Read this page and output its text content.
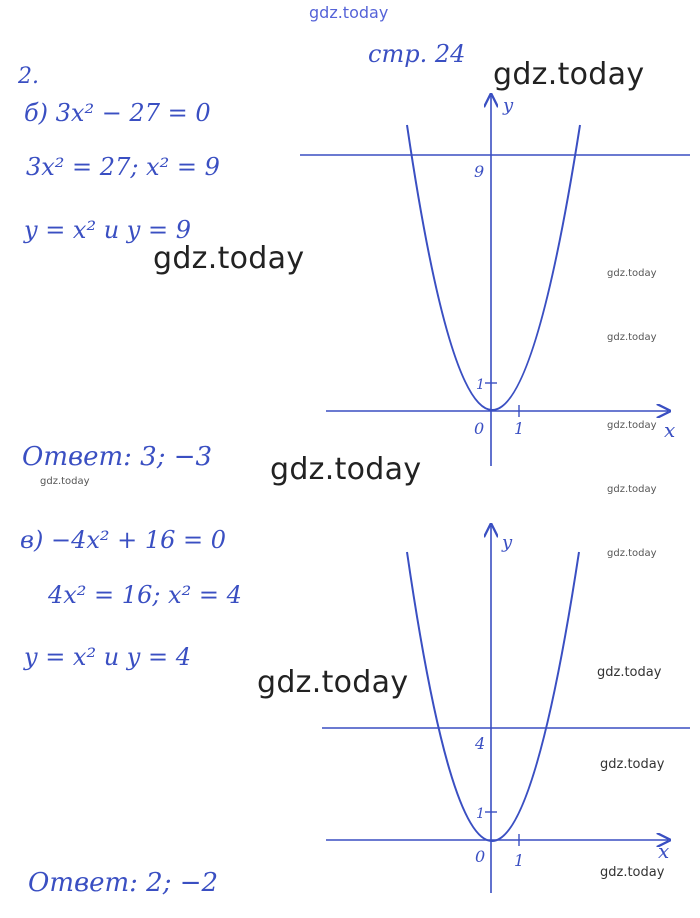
gdz.today
стр. 24
2.
б) 3x² − 27 = 0
3x² = 27; x² = 9
y = x² и y = 9
Ответ: 3; −3
в) −4x² + 16 = 0
4x² = 16; x² = 4
y = x² и y = 4
Ответ: 2; −2
y
x
0 1
1
9
y
x
0 1
1
4
gdz.today
gdz.today
gdz.today
gdz.today
gdz.today
gdz.today
gdz.today
gdz.today
gdz.today
gdz.today
gdz.today
gdz.today
gdz.today
